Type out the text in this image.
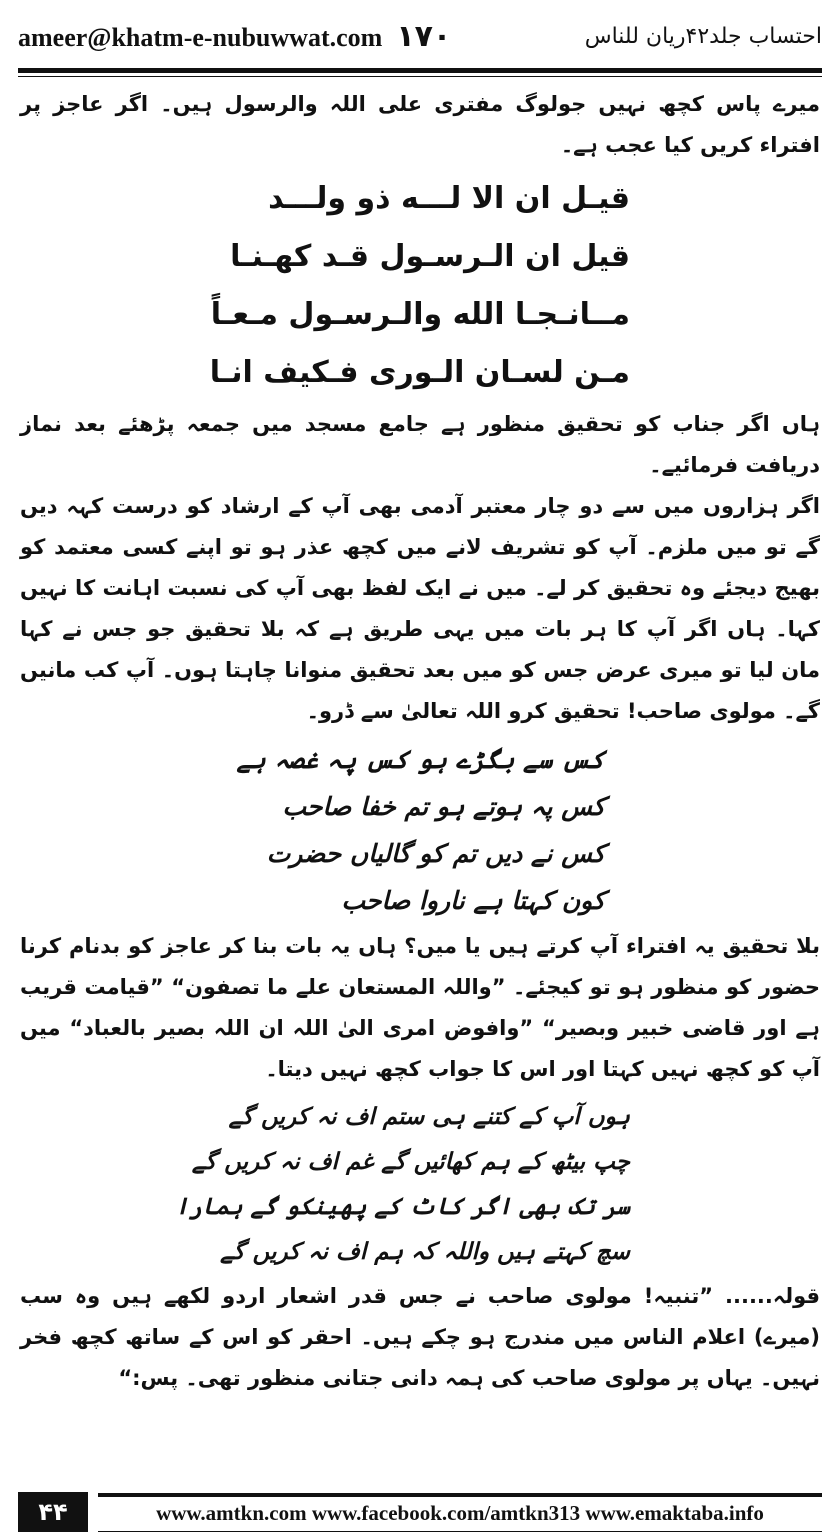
ameer@khatm-e-nubuwwat.com ۱۷۰	احتساب جلد۴۲ریان للناس

میرے پاس کچھ نہیں جولوگ مفتری علی اللہ والرسول ہیں۔ اگر عاجز پر افتراء کریں کیا عجب ہے۔

قيـل ان الا لـــه ذو ولـــد

قيل ان الـرسـول قـد كهـنـا

مــانـجـا الله والـرسـول مـعـاً

مـن لسـان الـورى فـكيف انـا

ہاں اگر جناب کو تحقیق منظور ہے جامع مسجد میں جمعہ پڑھئے بعد نماز دریافت فرمائیے۔

اگر ہزاروں میں سے دو چار معتبر آدمی بھی آپ کے ارشاد کو درست کہہ دیں گے تو میں ملزم۔ آپ کو تشریف لانے میں کچھ عذر ہو تو اپنے کسی معتمد کو بھیج دیجئے وہ تحقیق کر لے۔ میں نے ایک لفظ بھی آپ کی نسبت اہانت کا نہیں کہا۔ ہاں اگر آپ کا ہر بات میں یہی طریق ہے کہ بلا تحقیق جو جس نے کہا مان لیا تو میری عرض جس کو میں بعد تحقیق منوانا چاہتا ہوں۔ آپ کب مانیں گے۔ مولوی صاحب! تحقیق کرو اللہ تعالیٰ سے ڈرو۔

کس سے بگڑے ہو کس پہ غصہ ہے

کس پہ ہوتے ہو تم خفا صاحب

کس نے دیں تم کو گالیاں حضرت

کون کہتا ہے ناروا صاحب

بلا تحقیق یہ افتراء آپ کرتے ہیں یا میں؟ ہاں یہ بات بنا کر عاجز کو بدنام کرنا حضور کو منظور ہو تو کیجئے۔ ”واللہ المستعان علے ما تصفون“ ”قیامت قریب ہے اور قاضی خبیر وبصیر“ ”وافوض امری الیٰ اللہ ان اللہ بصیر بالعباد“ میں آپ کو کچھ نہیں کہتا اور اس کا جواب کچھ نہیں دیتا۔

ہوں آپ کے کتنے ہی ستم اف نہ کریں گے

چپ بیٹھ کے ہم کھائیں گے غم اف نہ کریں گے

سر تک بھی اگر کاٹ کے پھینکو گے ہمارا

سچ کہتے ہیں واللہ کہ ہم اف نہ کریں گے

قولہ...... ”تنبیہ! مولوی صاحب نے جس قدر اشعار اردو لکھے ہیں وہ سب (میرے) اعلام الناس میں مندرج ہو چکے ہیں۔ احقر کو اس کے ساتھ کچھ فخر نہیں۔ یہاں پر مولوی صاحب کی ہمہ دانی جتانی منظور تھی۔ پس:“

۴۴	www.amtkn.com www.facebook.com/amtkn313 www.emaktaba.info
